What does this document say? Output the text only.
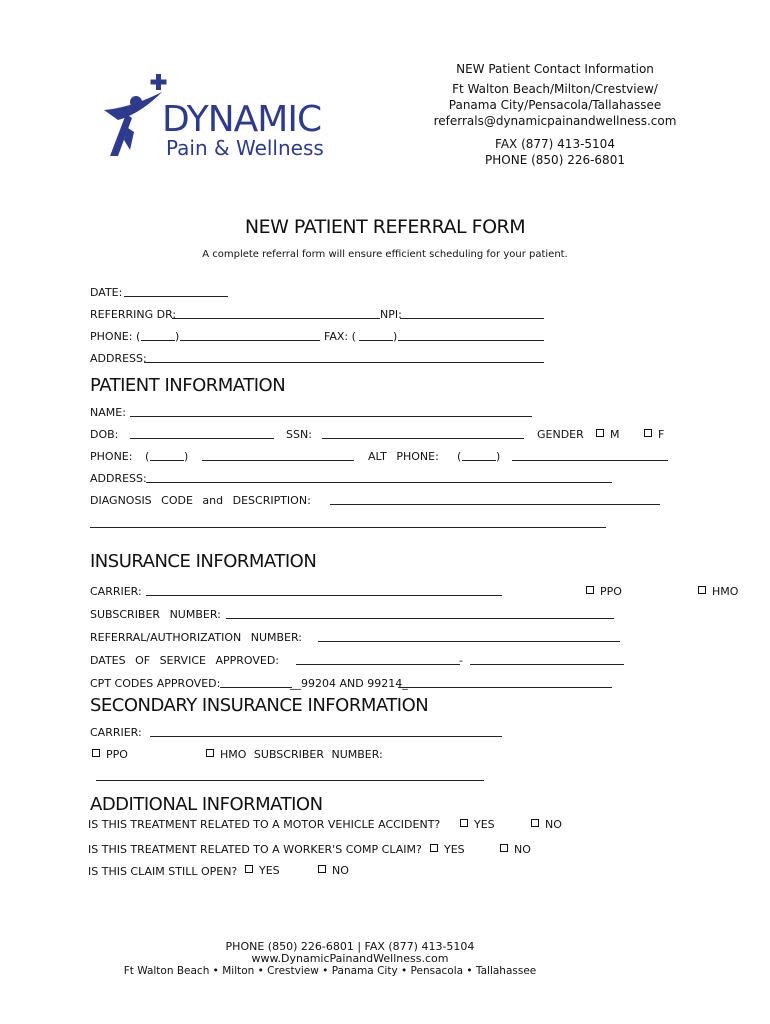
DYNAMIC
Pain & Wellness
NEW Patient Contact Information
Ft Walton Beach/Milton/Crestview/
Panama City/Pensacola/Tallahassee
referrals@dynamicpainandwellness.com
FAX (877) 413-5104
PHONE (850) 226-6801
NEW PATIENT REFERRAL FORM
A complete referral form will ensure efficient scheduling for your patient.
DATE:
REFERRING DR:	NPI:
PHONE: (	)	FAX: (	)
ADDRESS:
PATIENT INFORMATION
NAME:
DOB:	SSN:	GENDER	M	F
PHONE: (	)	ALT PHONE: (	)
ADDRESS:
DIAGNOSIS CODE and DESCRIPTION:
INSURANCE INFORMATION
CARRIER:	PPO	HMO
SUBSCRIBER NUMBER:
REFERRAL/AUTHORIZATION NUMBER:
DATES OF SERVICE APPROVED:	-
CPT CODES APPROVED:	__99204 AND 99214_
SECONDARY INSURANCE INFORMATION
CARRIER:
PPO	HMO SUBSCRIBER NUMBER:
ADDITIONAL INFORMATION
IS THIS TREATMENT RELATED TO A MOTOR VEHICLE ACCIDENT?	YES	NO
IS THIS TREATMENT RELATED TO A WORKER'S COMP CLAIM?	YES	NO
IS THIS CLAIM STILL OPEN?	YES	NO
PHONE (850) 226-6801 | FAX (877) 413-5104
www.DynamicPainandWellness.com
Ft Walton Beach • Milton • Crestview • Panama City • Pensacola • Tallahassee
